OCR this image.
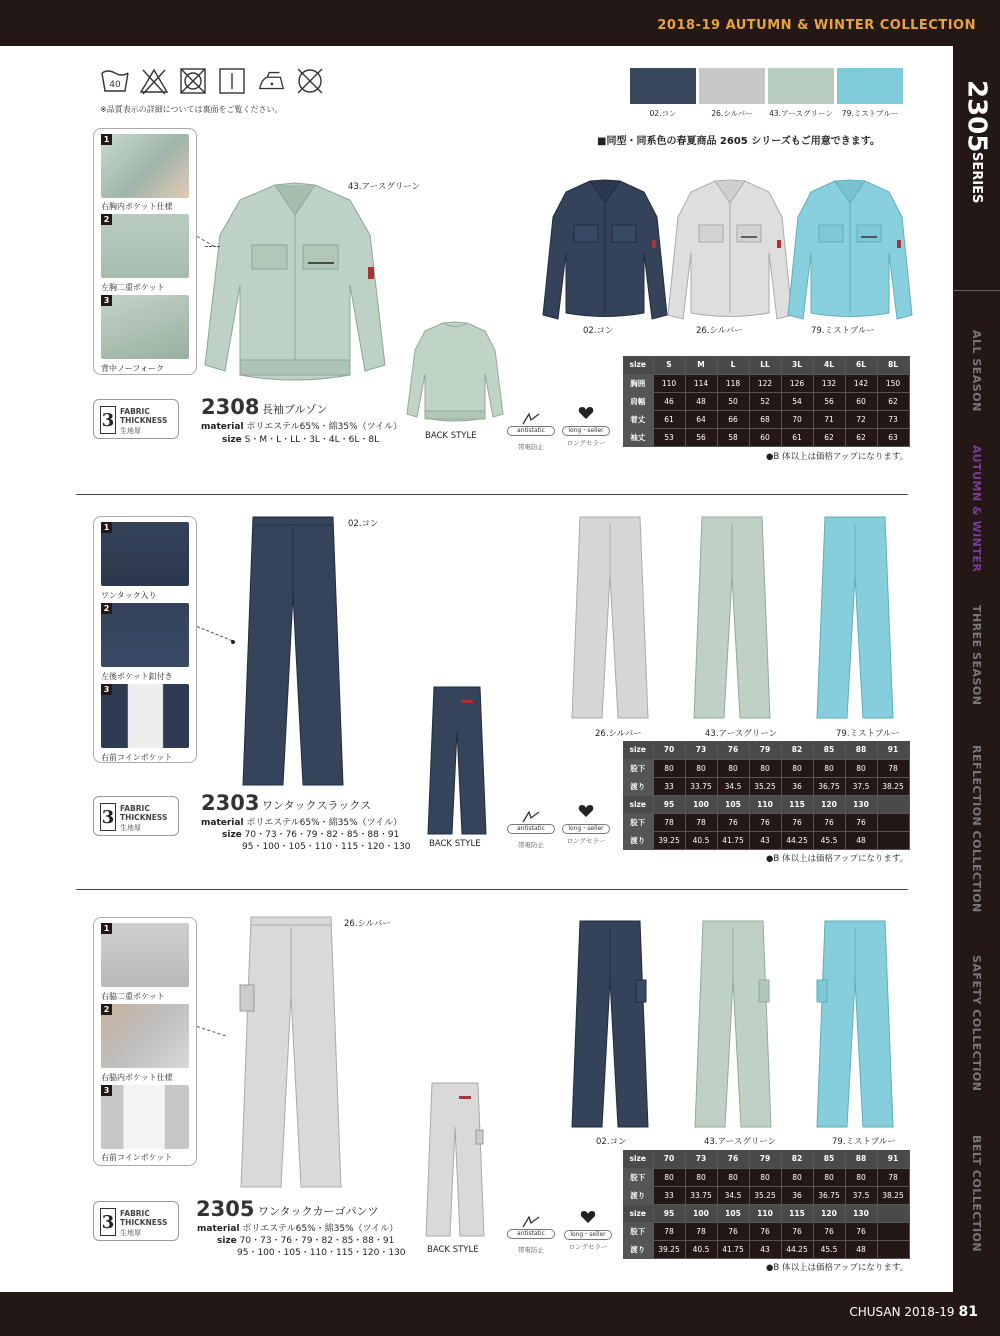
2018-19 AUTUMN & WINTER COLLECTION
2305
SERIES
ALL SEASON
AUTUMN & WINTER
THREE SEASON
REFLECTION COLLECTION
SAFETY COLLECTION
BELT COLLECTION
CHUSAN 2018-19 81
40
※品質表示の詳細については裏面をご覧ください。	02.コン	26.シルバー	43.アースグリーン	79.ミストブルー
■同型・同系色の春夏商品 2605 シリーズもご用意できます。
1
右胸内ポケット仕様
2
左胸二重ポケット
3
背中ノーフォーク
43.アースグリーン
BACK STYLE
02.コン	26.シルバー	79.ミストブルー
3 FABRIC
THICKNESS
生地厚
2308 長袖ブルゾン
material ポリエステル65%・綿35%（ツイル）
size S・M・L・LL・3L・4L・6L・8L
antistatic
帯電防止
long・seller
ロングセラー
size	S	M	L	LL	3L	4L	6L	8L
胸囲	110	114	118	122	126	132	142	150
肩幅	46	48	50	52	54	56	60	62
着丈	61	64	66	68	70	71	72	73
袖丈	53	56	58	60	61	62	62	63
●B 体以上は価格アップになります。
1
ワンタック入り
2
左後ポケット釦付き
3
右前コインポケット
02.コン
BACK STYLE
26.シルバー	43.アースグリーン	79.ミストブルー
3 FABRIC
THICKNESS
生地厚
2303 ワンタックスラックス
material ポリエステル65%・綿35%（ツイル）
size 70・73・76・79・82・85・88・91
95・100・105・110・115・120・130
antistatic
帯電防止
long・seller
ロングセラー
size	70	73	76	79	82	85	88	91
股下	80	80	80	80	80	80	80	78
渡り	33	33.75	34.5	35.25	36	36.75	37.5	38.25
size	95	100	105	110	115	120	130	
股下	78	78	76	76	76	76	76	
渡り	39.25	40.5	41.75	43	44.25	45.5	48	
●B 体以上は価格アップになります。
1
右脇二重ポケット
2
右脇内ポケット仕様
3
右前コインポケット
26.シルバー
BACK STYLE
02.コン	43.アースグリーン	79.ミストブルー
3 FABRIC
THICKNESS
生地厚
2305 ワンタックカーゴパンツ
material ポリエステル65%・綿35%（ツイル）
size 70・73・76・79・82・85・88・91
95・100・105・110・115・120・130
antistatic
帯電防止
long・seller
ロングセラー
size	70	73	76	79	82	85	88	91
股下	80	80	80	80	80	80	80	78
渡り	33	33.75	34.5	35.25	36	36.75	37.5	38.25
size	95	100	105	110	115	120	130	
股下	78	78	76	76	76	76	76	
渡り	39.25	40.5	41.75	43	44.25	45.5	48	
●B 体以上は価格アップになります。
